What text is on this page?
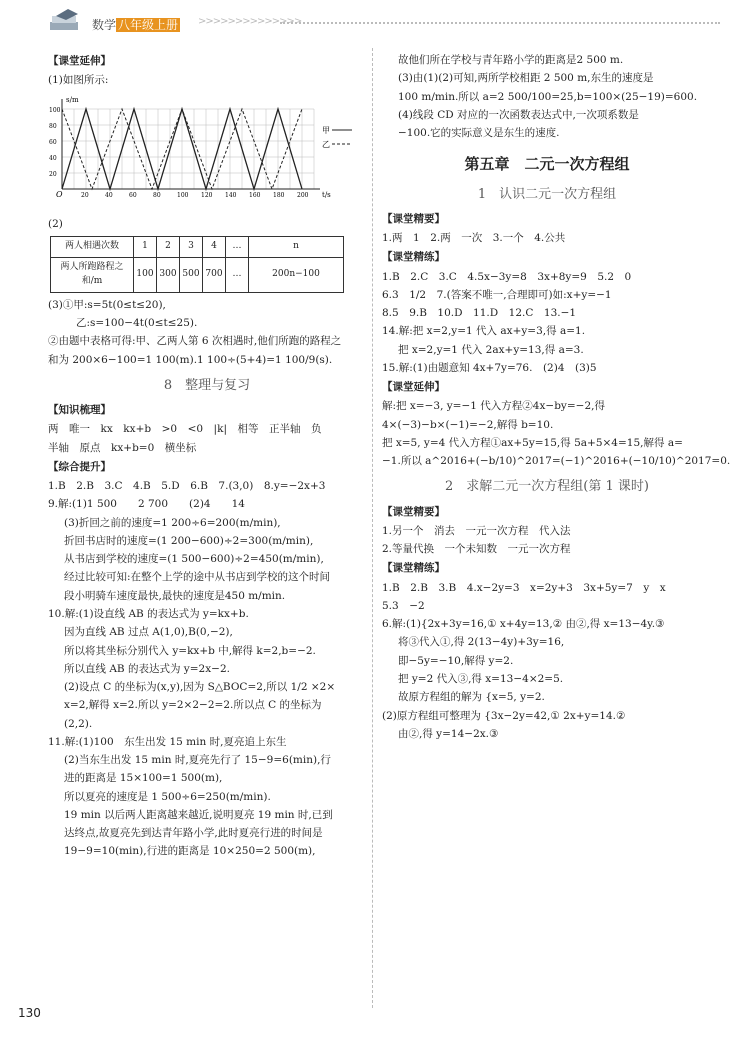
数学 八年级上册 >>>>>>>>>>>>>>
【课堂延伸】
(1)如图所示:
s/m
t/s
O
100
80
60
40
20
20	40	60	80	100 120 140 160 180 200
甲
乙
(2)
两人相遇次数	1	2	3	4	…	n
两人所跑路程之和/m	100	300	500	700	…	200n−100
(3)①甲:s=5t(0≤t≤20),
乙:s=100−4t(0≤t≤25).
②由题中表格可得:甲、乙两人第 6 次相遇时,他们所跑的路程之
和为 200×6−100=1 100(m).1 100÷(5+4)=1 100/9(s).
8　整理与复习
【知识梳理】
两　唯一　kx　kx+b　>0　<0　|k|　相等　正半轴　负
半轴　原点　kx+b=0　横坐标
【综合提升】
1.B　2.B　3.C　4.B　5.D　6.B　7.(3,0)　8.y=−2x+3
9.解:(1)1 500　　2 700　　(2)4　　14
(3)折回之前的速度=1 200÷6=200(m/min),
折回书店时的速度=(1 200−600)÷2=300(m/min),
从书店到学校的速度=(1 500−600)÷2=450(m/min),
经过比较可知:在整个上学的途中从书店到学校的这个时间
段小明骑车速度最快,最快的速度是450 m/min.
10.解:(1)设直线 AB 的表达式为 y=kx+b.
因为直线 AB 过点 A(1,0),B(0,−2),
所以将其坐标分别代入 y=kx+b 中,解得 k=2,b=−2.
所以直线 AB 的表达式为 y=2x−2.
(2)设点 C 的坐标为(x,y),因为 S△BOC=2,所以 1/2 ×2×
x=2,解得 x=2.所以 y=2×2−2=2.所以点 C 的坐标为
(2,2).
11.解:(1)100　东生出发 15 min 时,夏亮追上东生
(2)当东生出发 15 min 时,夏亮先行了 15−9=6(min),行
进的距离是 15×100=1 500(m),
所以夏亮的速度是 1 500÷6=250(m/min).
19 min 以后两人距离越来越近,说明夏亮 19 min 时,已到
达终点,故夏亮先到达青年路小学,此时夏亮行进的时间是
19−9=10(min),行进的距离是 10×250=2 500(m),
故他们所在学校与青年路小学的距离是2 500 m.
(3)由(1)(2)可知,两所学校相距 2 500 m,东生的速度是
100 m/min.所以 a=2 500/100=25,b=100×(25−19)=600.
(4)线段 CD 对应的一次函数表达式中,一次项系数是
−100.它的实际意义是东生的速度.
第五章　二元一次方程组
1　认识二元一次方程组
【课堂精要】
1.两　1　2.两　一次　3.一个　4.公共
【课堂精练】
1.B　2.C　3.C　4.5x−3y=8　3x+8y=9　5.2　0
6.3　1/2　7.(答案不唯一,合理即可)如:x+y=−1
8.5　9.B　10.D　11.D　12.C　13.−1
14.解:把 x=2,y=1 代入 ax+y=3,得 a=1.
把 x=2,y=1 代入 2ax+y=13,得 a=3.
15.解:(1)由题意知 4x+7y=76.　(2)4　(3)5
【课堂延伸】
解:把 x=−3, y=−1 代入方程②4x−by=−2,得
4×(−3)−b×(−1)=−2,解得 b=10.
把 x=5, y=4 代入方程①ax+5y=15,得 5a+5×4=15,解得 a=
−1.所以 a^2016+(−b/10)^2017=(−1)^2016+(−10/10)^2017=0.
2　求解二元一次方程组(第 1 课时)
【课堂精要】
1.另一个　消去　一元一次方程　代入法
2.等量代换　一个未知数　一元一次方程
【课堂精练】
1.B　2.B　3.B　4.x−2y=3　x=2y+3　3x+5y=7　y　x
5.3　−2
6.解:(1){2x+3y=16,① x+4y=13,② 由②,得 x=13−4y.③
将③代入①,得 2(13−4y)+3y=16,
即−5y=−10,解得 y=2.
把 y=2 代入③,得 x=13−4×2=5.
故原方程组的解为 {x=5, y=2.
(2)原方程组可整理为 {3x−2y=42,① 2x+y=14.②
由②,得 y=14−2x.③
130
